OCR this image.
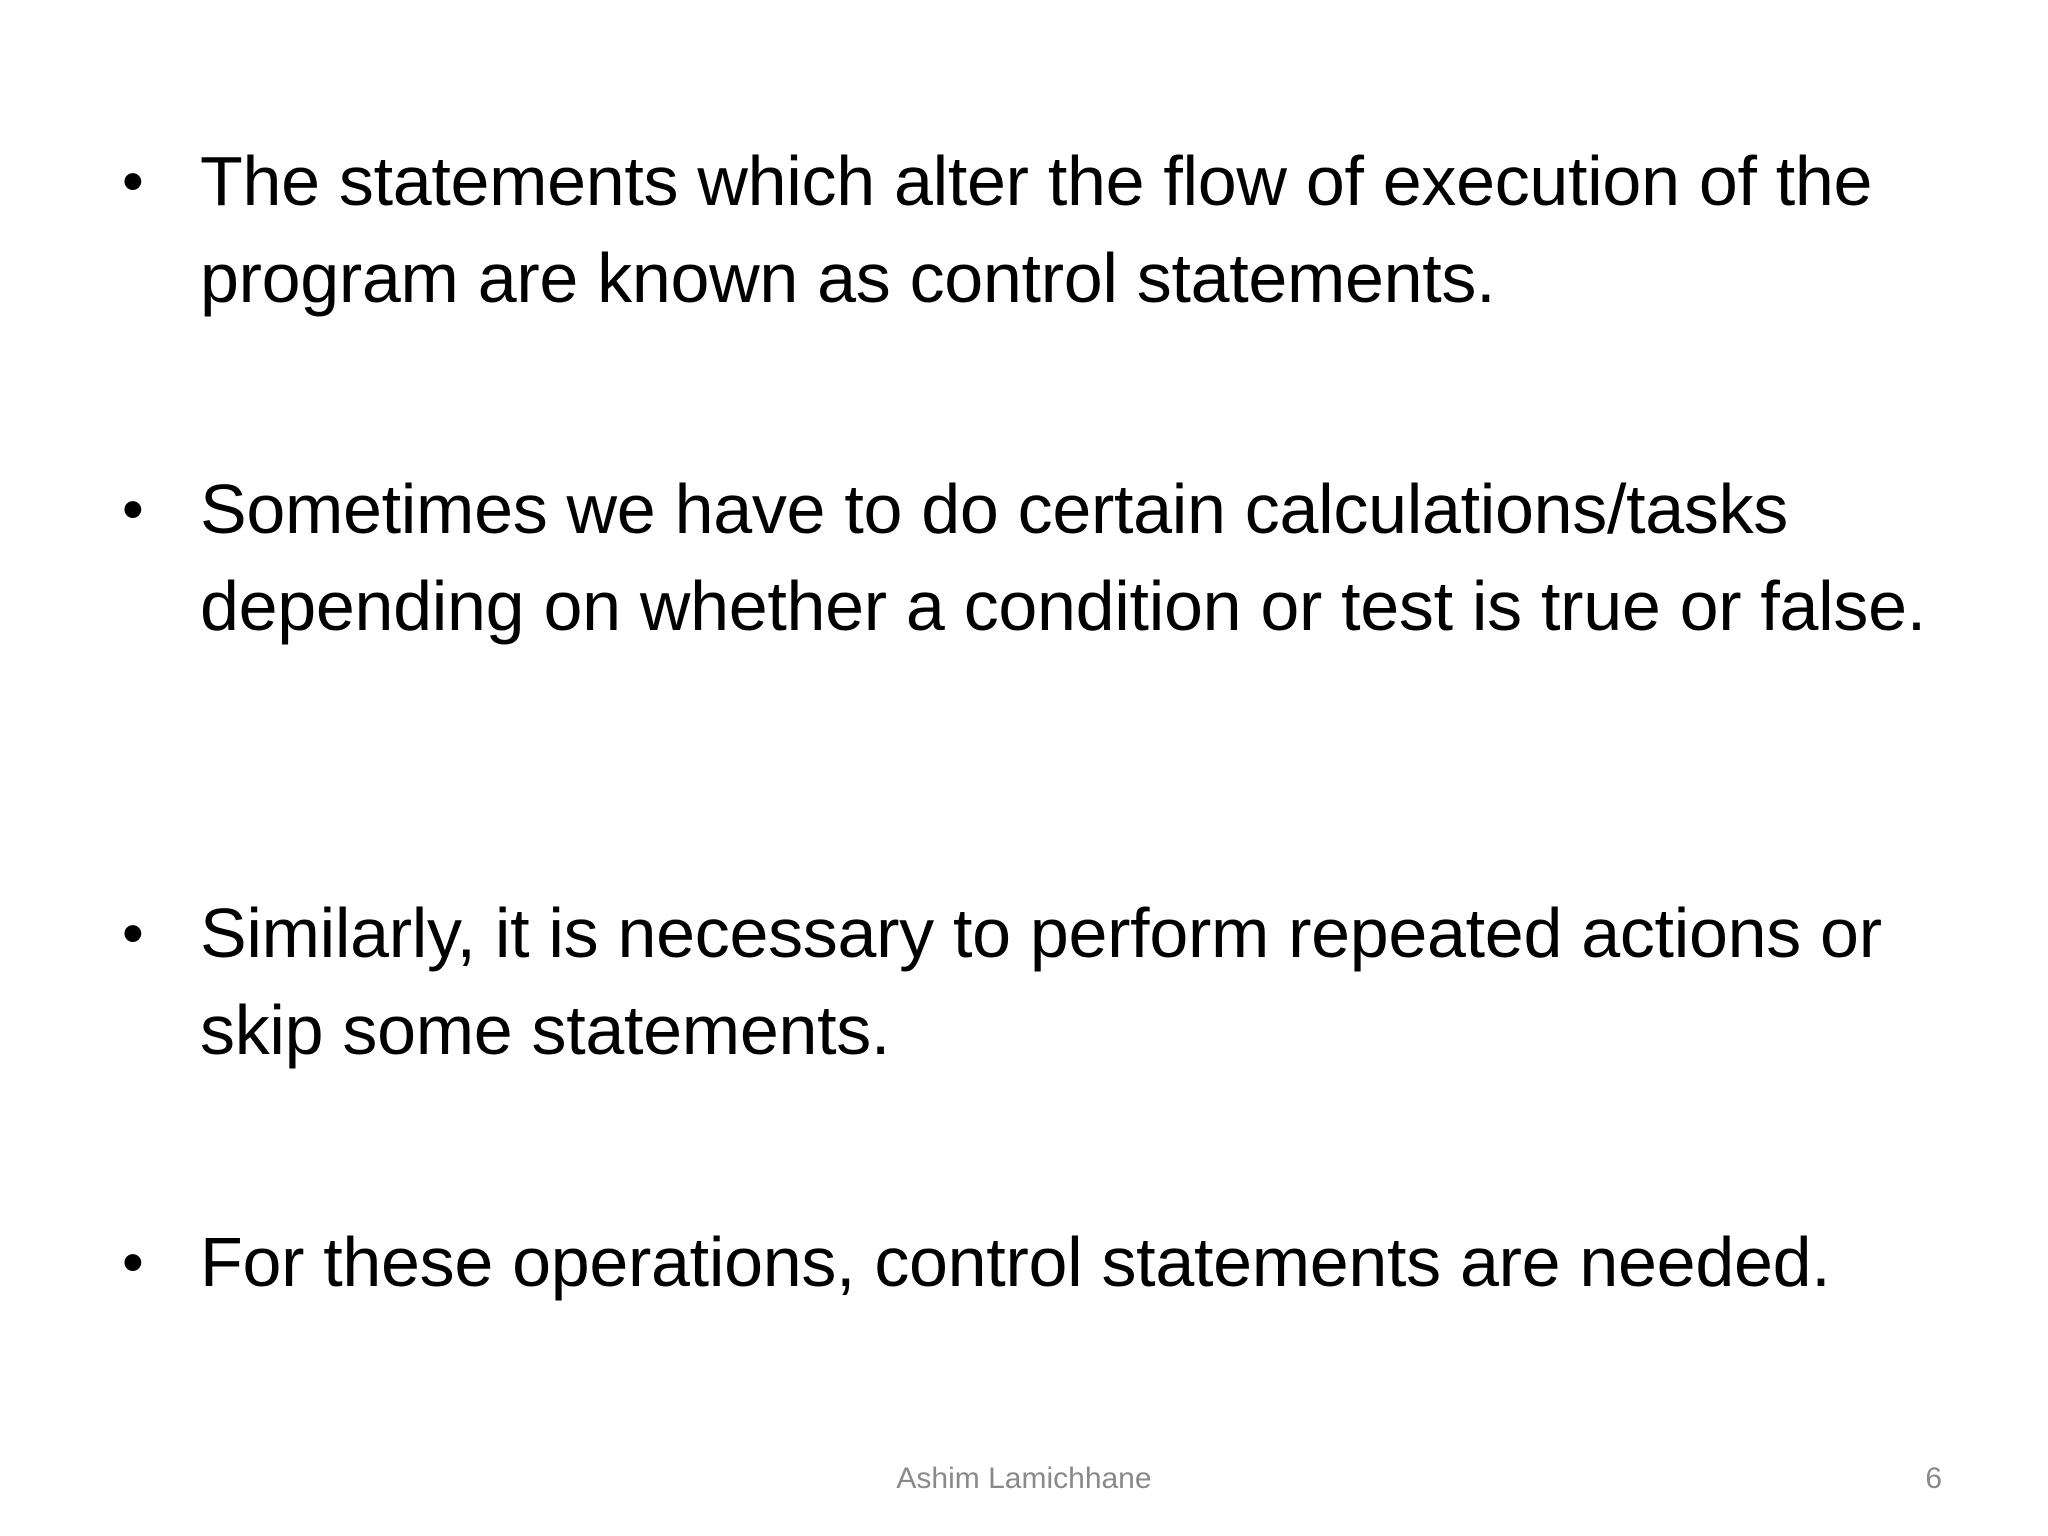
• The statements which alter the flow of execution of the program are known as control statements.
• Sometimes we have to do certain calculations/tasks depending on whether a condition or test is true or false.
• Similarly, it is necessary to perform repeated actions or skip some statements.
• For these operations, control statements are needed.
Ashim Lamichhane	6
